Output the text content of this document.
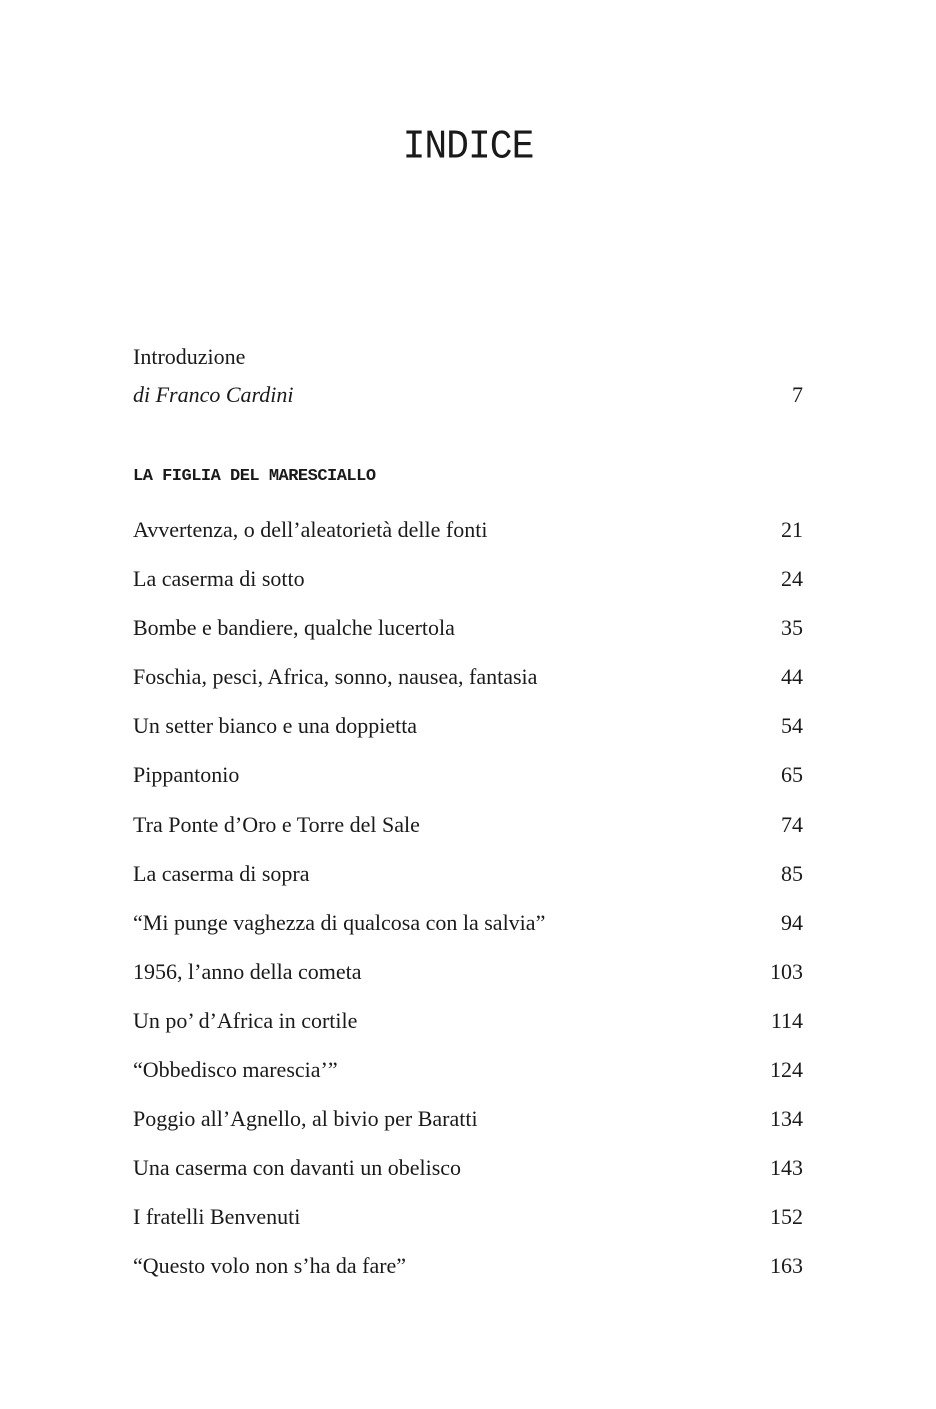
INDICE
Introduzione
di Franco Cardini	7
LA FIGLIA DEL MARESCIALLO
Avvertenza, o dell’aleatorietà delle fonti	21
La caserma di sotto	24
Bombe e bandiere, qualche lucertola	35
Foschia, pesci, Africa, sonno, nausea, fantasia	44
Un setter bianco e una doppietta	54
Pippantonio	65
Tra Ponte d’Oro e Torre del Sale	74
La caserma di sopra	85
“Mi punge vaghezza di qualcosa con la salvia”	94
1956, l’anno della cometa	103
Un po’ d’Africa in cortile	114
“Obbedisco marescia’”	124
Poggio all’Agnello, al bivio per Baratti	134
Una caserma con davanti un obelisco	143
I fratelli Benvenuti	152
“Questo volo non s’ha da fare”	163
